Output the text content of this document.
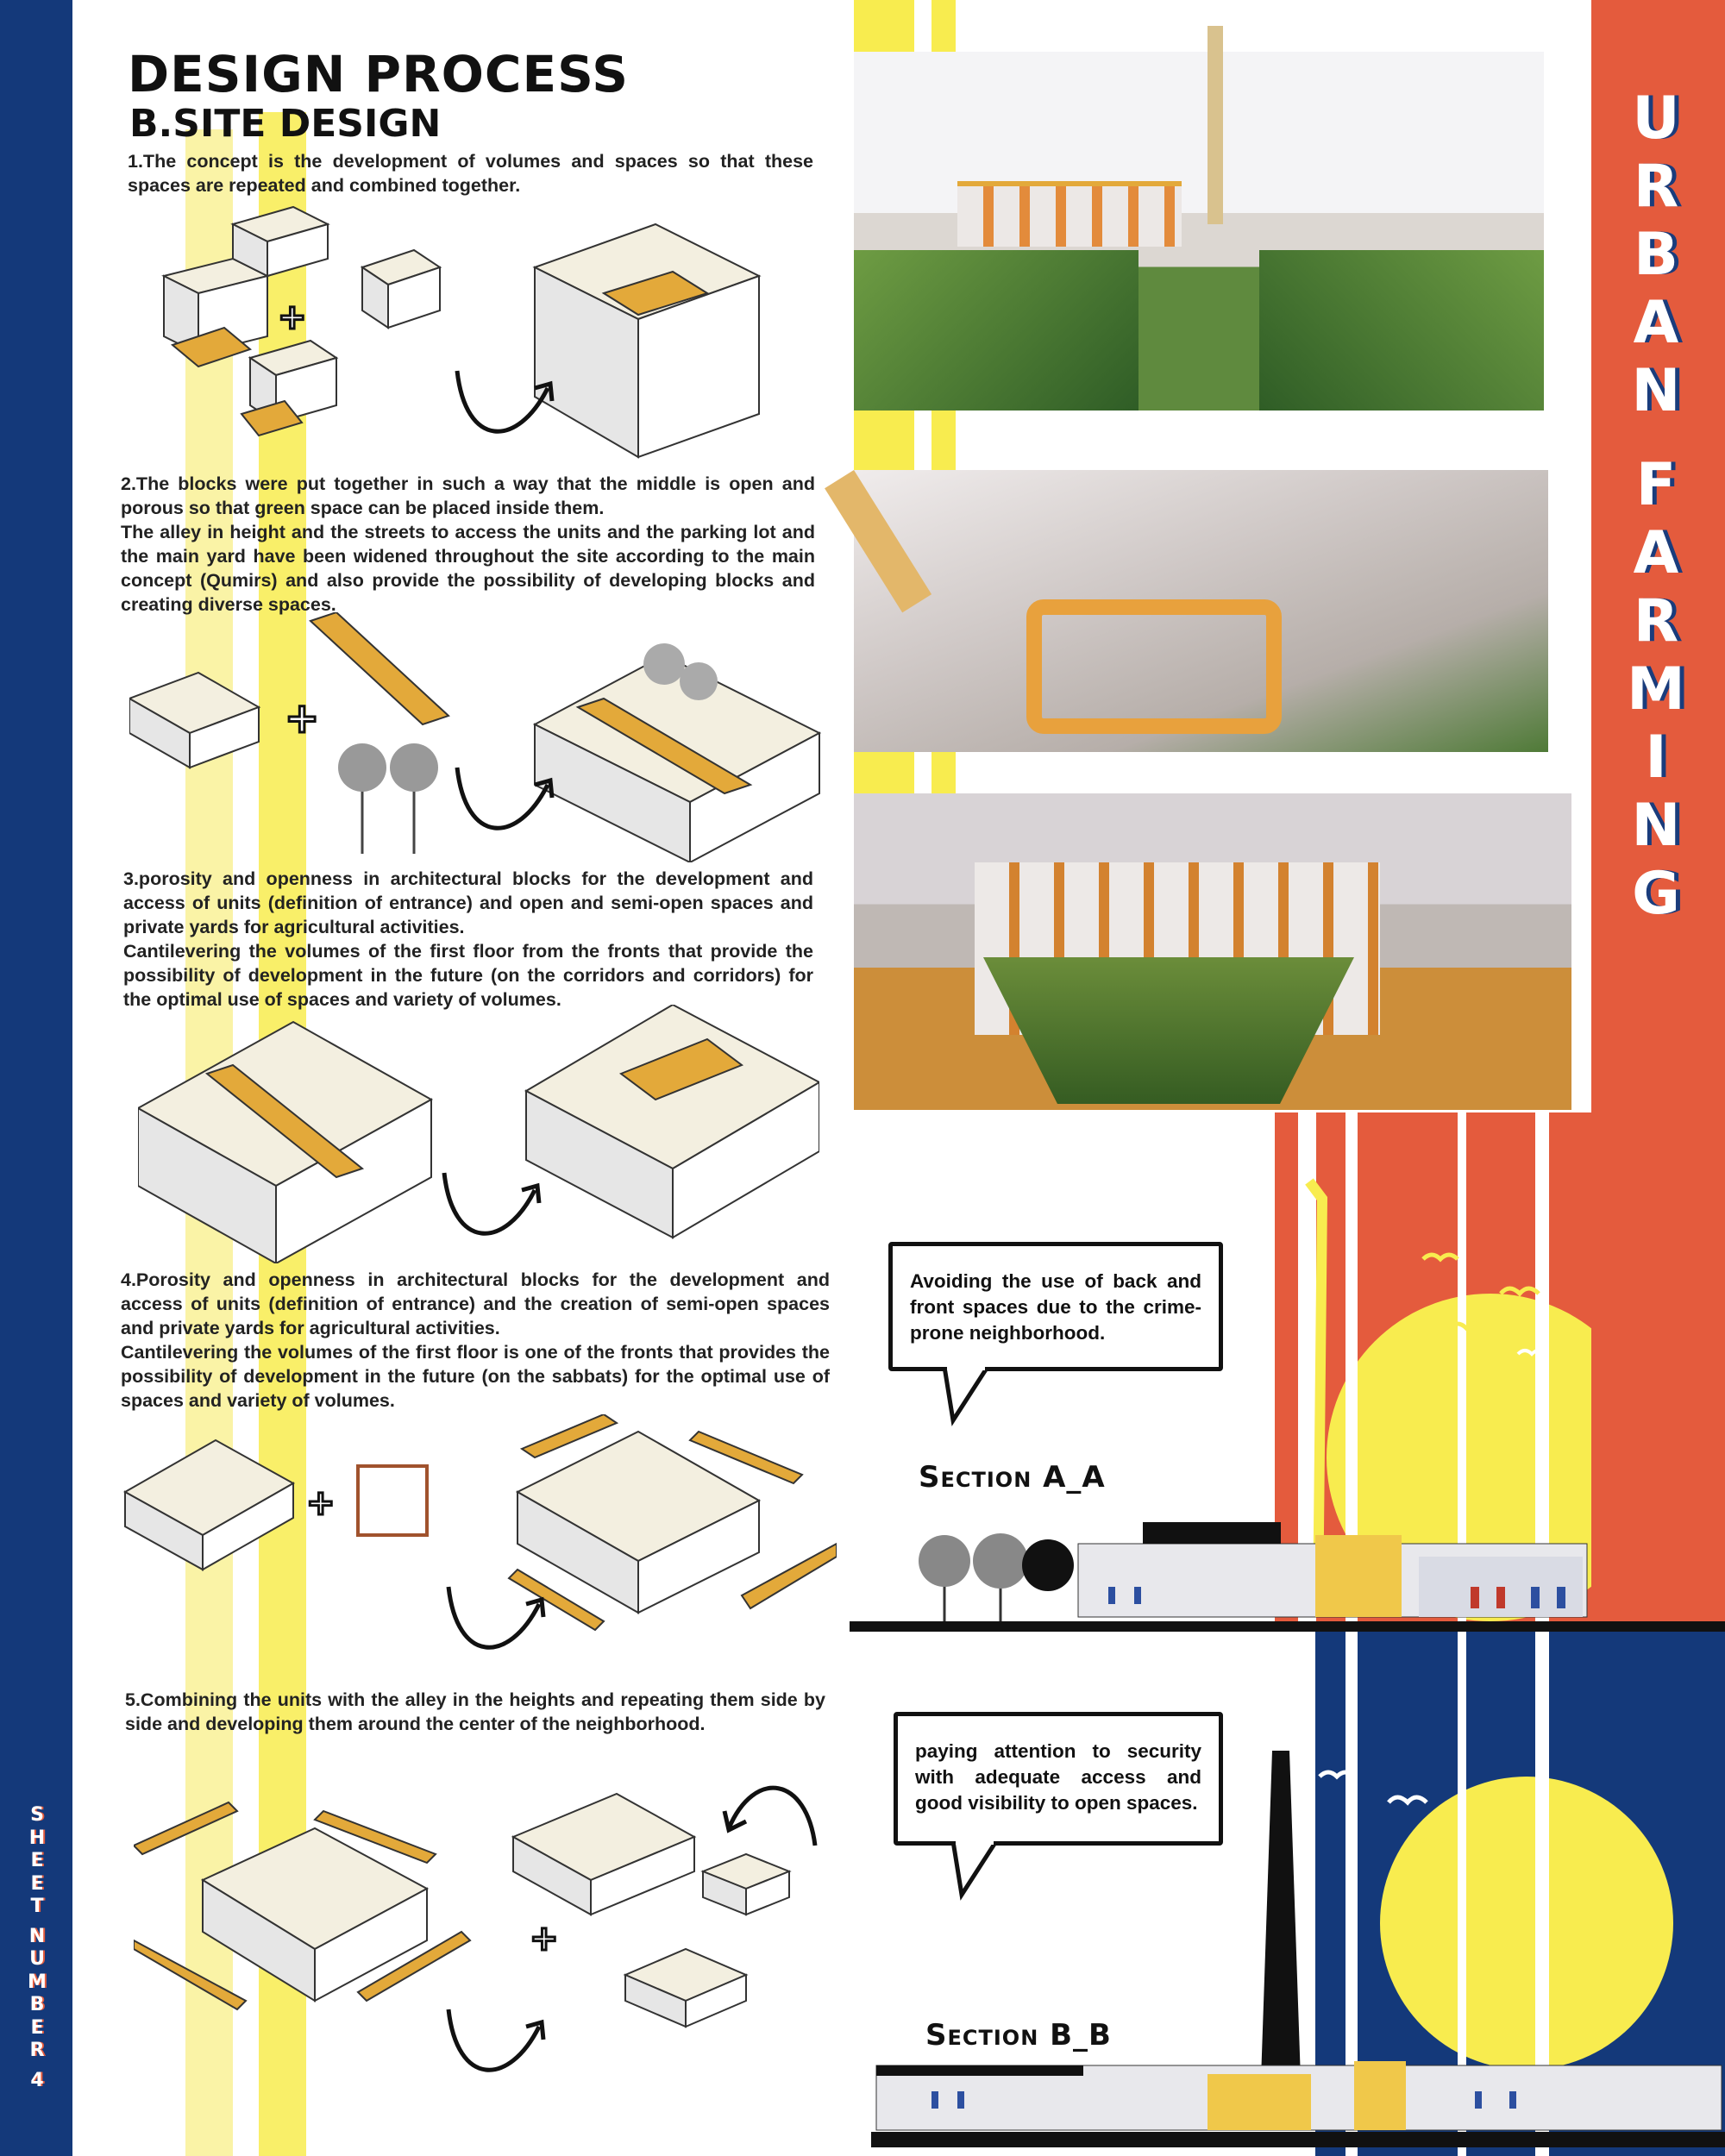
DESIGN PROCESS
B.SITE DESIGN

1.The concept is the development of volumes and spaces so that these spaces are repeated and combined together.

2.The blocks were put together in such a way that the middle is open and porous so that green space can be placed inside them.

The alley in height and the streets to access the units and the parking lot and the main yard have been widened throughout the site according to the main concept (Qumirs) and also provide the possibility of developing blocks and creating diverse spaces.

3.porosity and openness in architectural blocks for the development and access of units (definition of entrance) and open and semi-open spaces and private yards for agricultural activities.

Cantilevering the volumes of the first floor from the fronts that provide the possibility of development in the future (on the corridors and corridors) for the optimal use of spaces and variety of volumes.

4.Porosity and openness in architectural blocks for the development and access of units (definition of entrance) and the creation of semi-open spaces and private yards for agricultural activities.

Cantilevering the volumes of the first floor is one of the fronts that provides the possibility of development in the future (on the sabbats) for the optimal use of spaces and variety of volumes.

5.Combining the units with the alley in the heights and repeating them side by side and developing them around the center of the neighborhood.

+
+
+
+
U
R
B
A
N
F
A
R
M
I
N
G
S
H
E
E
T
N
U
M
B
E
R
4
Avoiding the use of back and front spaces due to the crime-prone neighborhood.
paying attention to security with adequate access and good visibility to open spaces.
Section A_A
Section B_B
